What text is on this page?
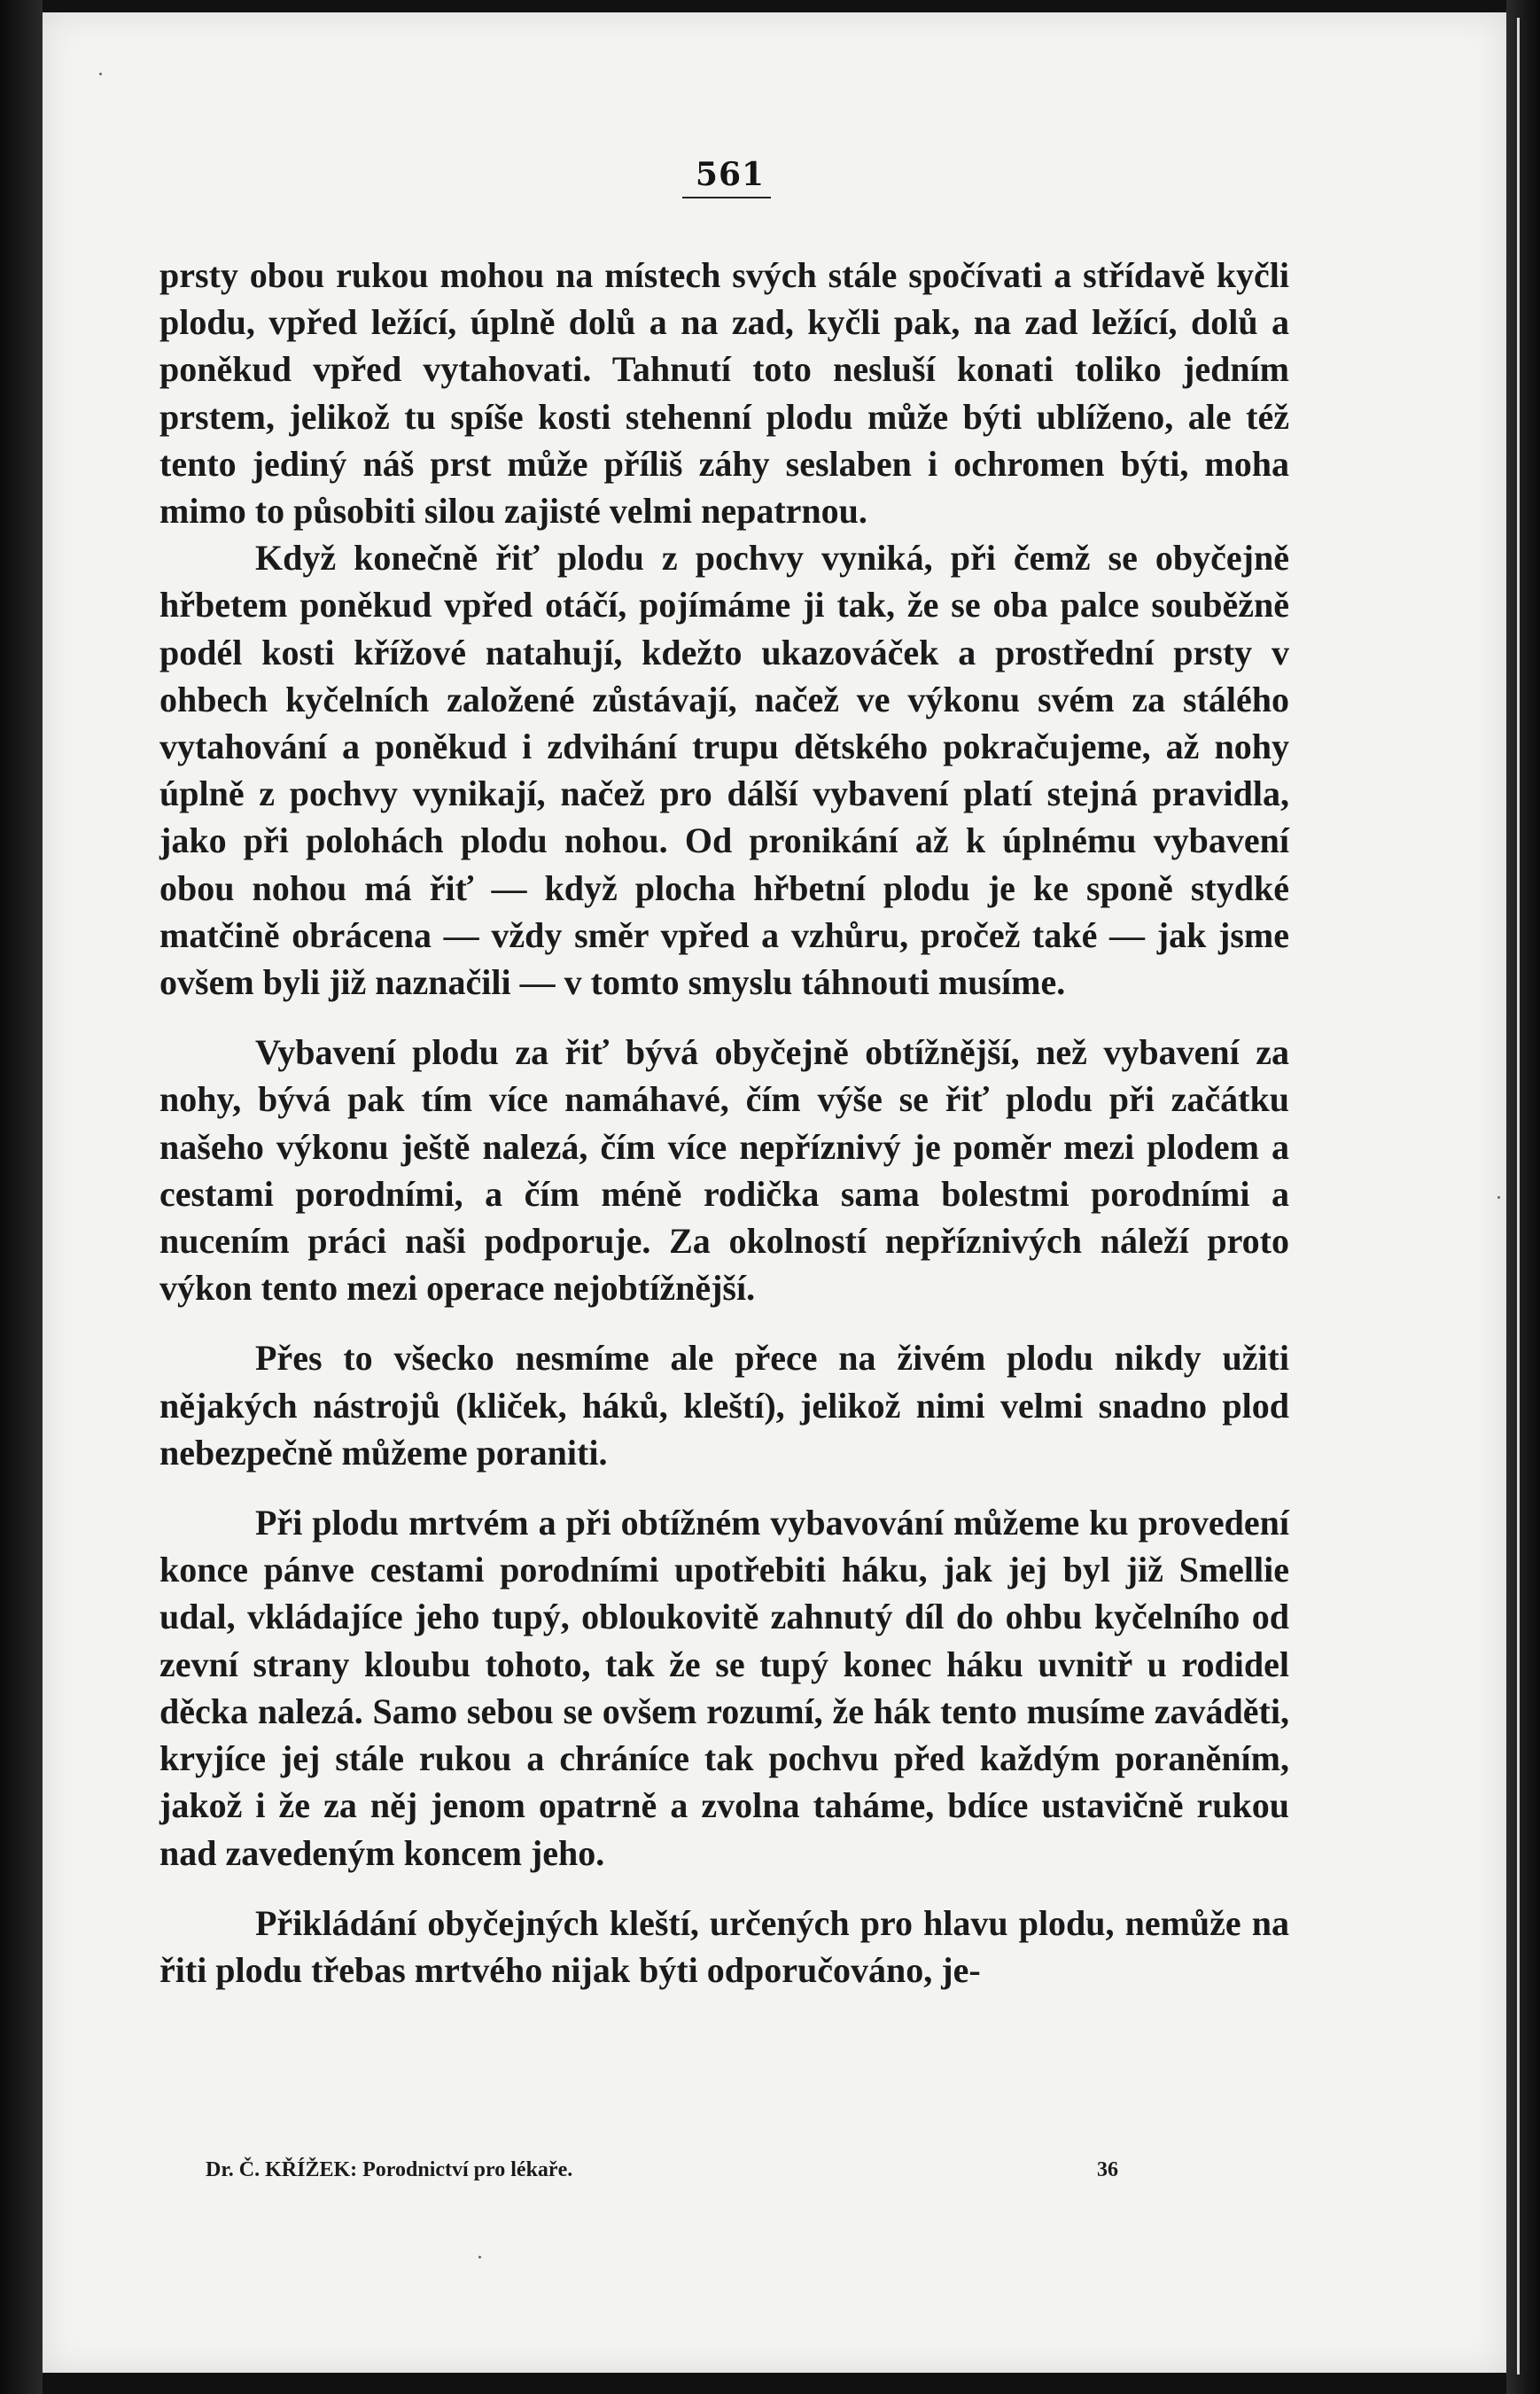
561

prsty obou rukou mohou na místech svých stále spočívati a střídavě kyčli plodu, vpřed ležící, úplně dolů a na zad, kyčli pak, na zad ležící, dolů a poněkud vpřed vytahovati. Tahnutí toto nesluší konati toliko jedním prstem, jelikož tu spíše kosti stehenní plodu může býti ublíženo, ale též tento jediný náš prst může příliš záhy seslaben i ochromen býti, moha mimo to působiti silou zajisté velmi nepatrnou.

Když konečně řiť plodu z pochvy vyniká, při čemž se obyčejně hřbetem poněkud vpřed otáčí, pojímáme ji tak, že se oba palce souběžně podél kosti křížové natahují, kdežto ukazováček a prostřední prsty v ohbech kyčelních založené zůstávají, načež ve výkonu svém za stálého vytahování a poněkud i zdvihání trupu dětského pokračujeme, až nohy úplně z pochvy vynikají, načež pro dálší vybavení platí stejná pravidla, jako při polohách plodu nohou. Od pronikání až k úplnému vybavení obou nohou má řiť — když plocha hřbetní plodu je ke sponě stydké matčině obrácena — vždy směr vpřed a vzhůru, pročež také — jak jsme ovšem byli již naznačili — v tomto smyslu táhnouti musíme.

Vybavení plodu za řiť bývá obyčejně obtížnější, než vybavení za nohy, bývá pak tím více namáhavé, čím výše se řiť plodu při začátku našeho výkonu ještě nalezá, čím více nepříznivý je poměr mezi plodem a cestami porodními, a čím méně rodička sama bolestmi porodními a nucením práci naši podporuje. Za okolností nepříznivých náleží proto výkon tento mezi operace nejobtížnější.

Přes to všecko nesmíme ale přece na živém plodu nikdy užiti nějakých nástrojů (kliček, háků, kleští), jelikož nimi velmi snadno plod nebezpečně můžeme poraniti.

Při plodu mrtvém a při obtížném vybavování můžeme ku provedení konce pánve cestami porodními upotřebiti háku, jak jej byl již Smellie udal, vkládajíce jeho tupý, obloukovitě zahnutý díl do ohbu kyčelního od zevní strany kloubu tohoto, tak že se tupý konec háku uvnitř u rodidel děcka nalezá. Samo sebou se ovšem rozumí, že hák tento musíme zaváděti, kryjíce jej stále rukou a chráníce tak pochvu před každým poraněním, jakož i že za něj jenom opatrně a zvolna taháme, bdíce ustavičně rukou nad zavedeným koncem jeho.

Přikládání obyčejných kleští, určených pro hlavu plodu, nemůže na řiti plodu třebas mrtvého nijak býti odporučováno, je-

Dr. Č. KŘÍŽEK: Porodnictví pro lékaře.	36
